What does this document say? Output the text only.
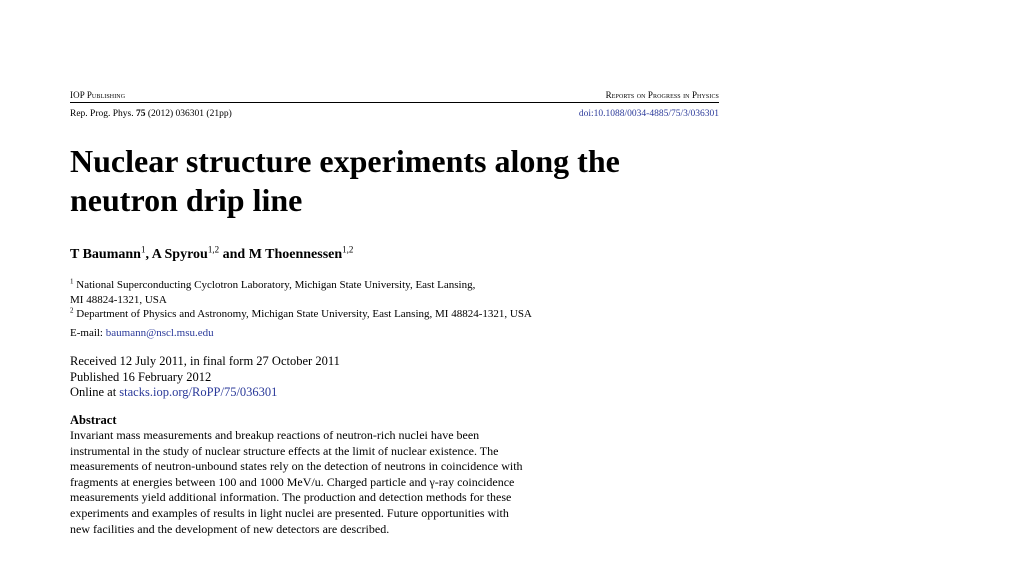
IOP Publishing	Reports on Progress in Physics
Rep. Prog. Phys. 75 (2012) 036301 (21pp)	doi:10.1088/0034-4885/75/3/036301
Nuclear structure experiments along the
neutron drip line
T Baumann$^1$, A Spyrou$^{1,2}$ and M Thoennessen$^{1,2}$
$^1$ National Superconducting Cyclotron Laboratory, Michigan State University, East Lansing,
MI 48824-1321, USA
$^2$ Department of Physics and Astronomy, Michigan State University, East Lansing, MI 48824-1321, USA
E-mail: baumann@nscl.msu.edu
Received 12 July 2011, in final form 27 October 2011
Published 16 February 2012
Online at stacks.iop.org/RoPP/75/036301
Abstract
Invariant mass measurements and breakup reactions of neutron-rich nuclei have been
instrumental in the study of nuclear structure effects at the limit of nuclear existence. The
measurements of neutron-unbound states rely on the detection of neutrons in coincidence with
fragments at energies between 100 and 1000 MeV/u. Charged particle and γ-ray coincidence
measurements yield additional information. The production and detection methods for these
experiments and examples of results in light nuclei are presented. Future opportunities with
new facilities and the development of new detectors are described.
